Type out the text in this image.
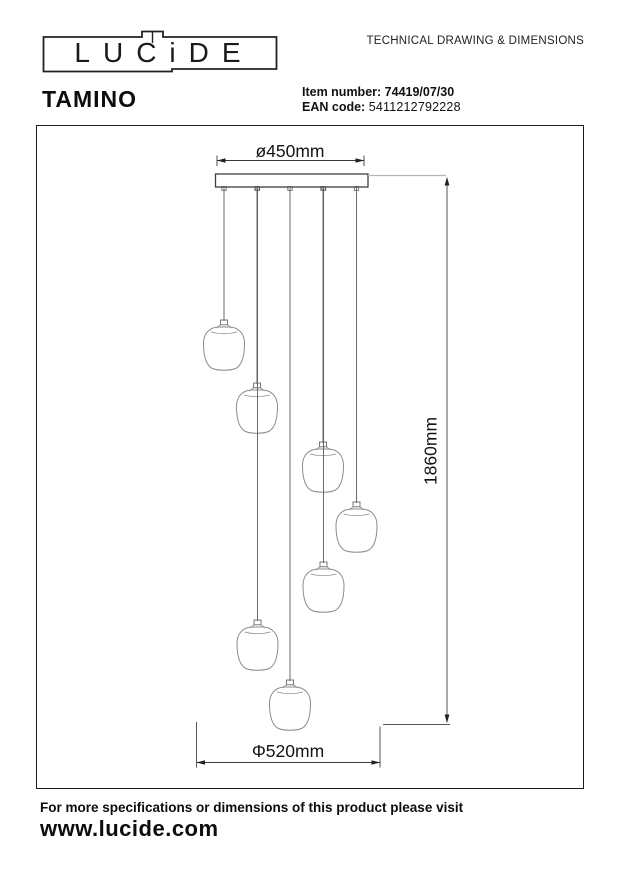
LUCiDE
TAMINO
TECHNICAL DRAWING & DIMENSIONS
Item number: 74419/07/30
EAN code: 5411212792228
ø450mm
1860mm
Φ520mm
For more specifications or dimensions of this product please visit
www.lucide.com
